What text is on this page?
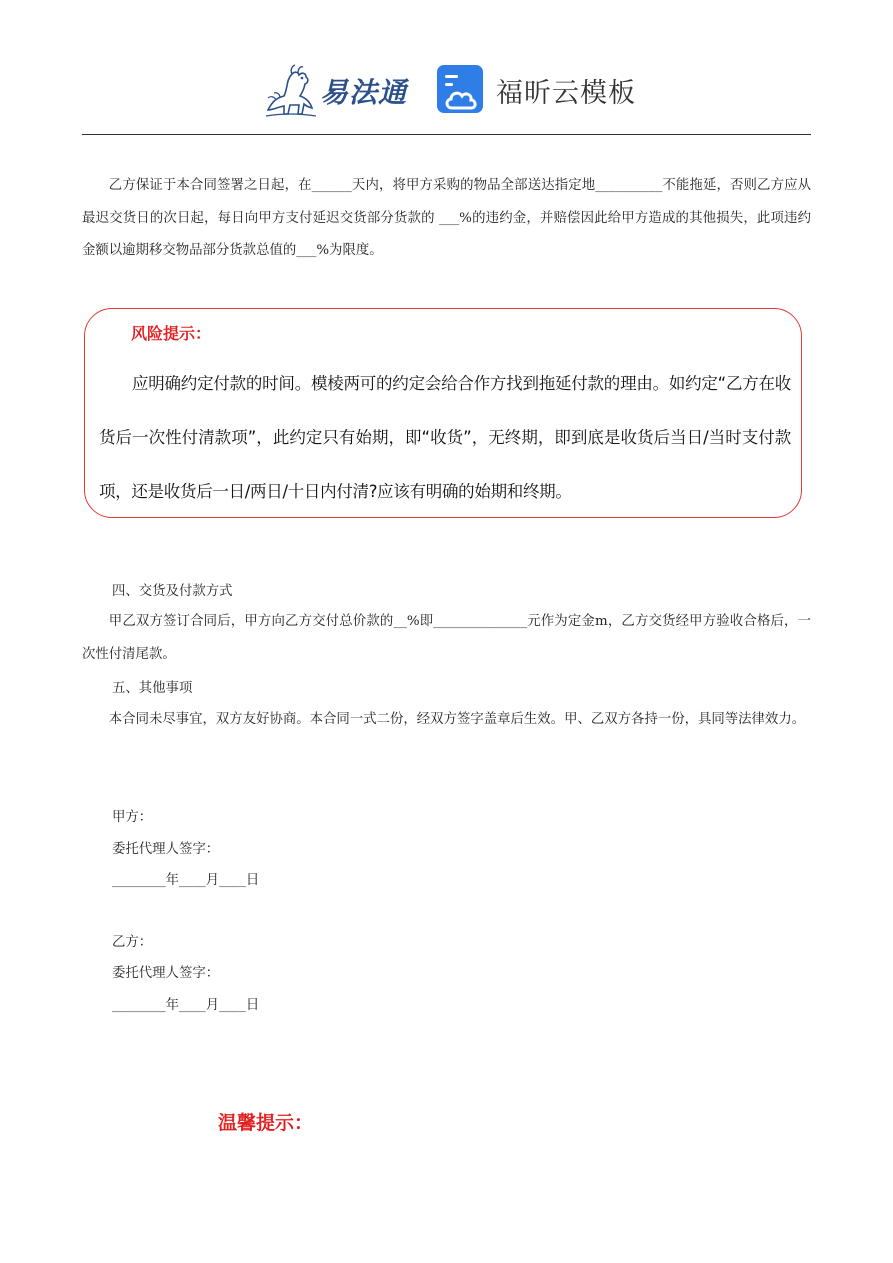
易法通	福昕云模板

乙方保证于本合同签署之日起，在______天内，将甲方采购的物品全部送达指定地__________不能拖延，否则乙方应从最迟交货日的次日起，每日向甲方支付延迟交货部分货款的 ___%的违约金，并赔偿因此给甲方造成的其他损失，此项违约金额以逾期移交物品部分货款总值的___%为限度。

风险提示：

应明确约定付款的时间。模棱两可的约定会给合作方找到拖延付款的理由。如约定“乙方在收货后一次性付清款项”，此约定只有始期，即“收货”，无终期，即到底是收货后当日/当时支付款项，还是收货后一日/两日/十日内付清?应该有明确的始期和终期。

四、交货及付款方式

甲乙双方签订合同后，甲方向乙方交付总价款的__%即______________元作为定金m，乙方交货经甲方验收合格后，一次性付清尾款。

五、其他事项

本合同未尽事宜，双方友好协商。本合同一式二份，经双方签字盖章后生效。甲、乙双方各持一份，具同等法律效力。

甲方：

委托代理人签字：

________年____月____日

乙方：

委托代理人签字：

________年____月____日

温馨提示：
